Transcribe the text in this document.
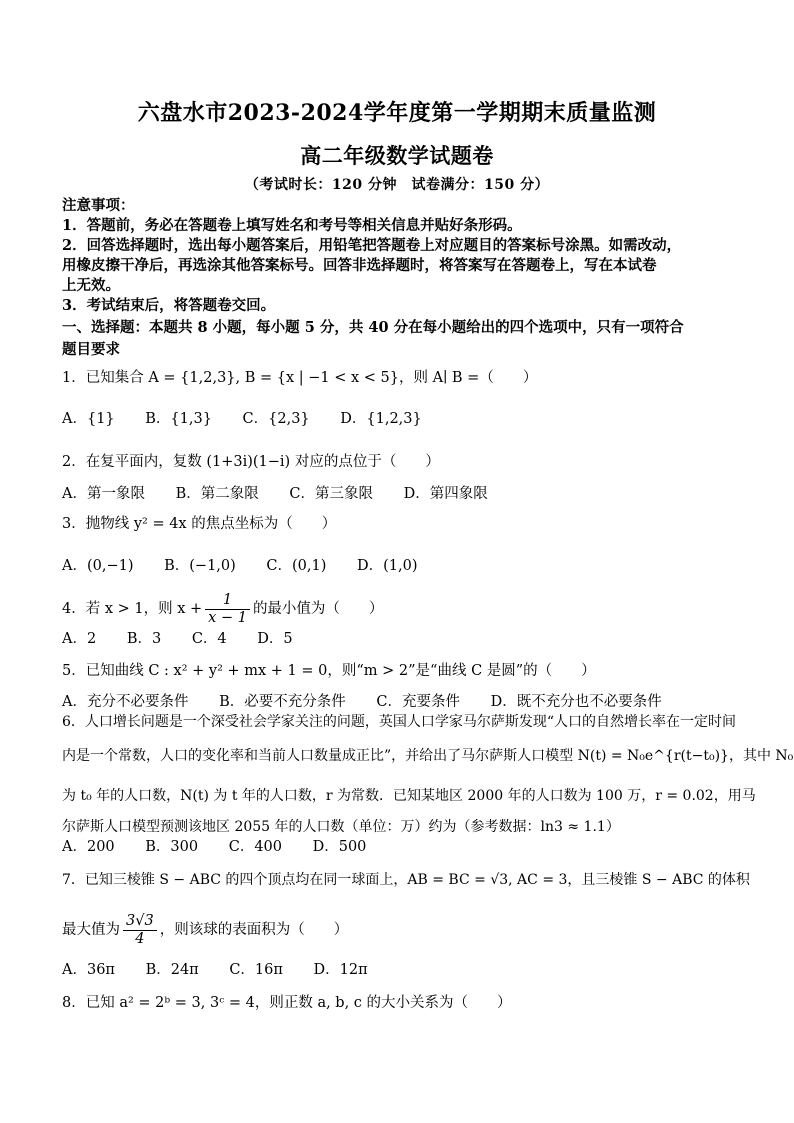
六盘水市2023-2024学年度第一学期期末质量监测
高二年级数学试题卷
（考试时长：120 分钟　试卷满分：150 分）
注意事项：
1．答题前，务必在答题卷上填写姓名和考号等相关信息并贴好条形码。
2．回答选择题时，选出每小题答案后，用铅笔把答题卷上对应题目的答案标号涂黑。如需改动，
用橡皮擦干净后，再选涂其他答案标号。回答非选择题时，将答案写在答题卷上，写在本试卷
上无效。
3．考试结束后，将答题卷交回。
一、选择题：本题共 8 小题，每小题 5 分，共 40 分在每小题给出的四个选项中，只有一项符合
题目要求
1．已知集合 A = {1,2,3}, B = {x | −1 < x < 5}，则 A∣ B =（　　）
A．{1} B．{1,3} C．{2,3} D．{1,2,3}
2．在复平面内，复数 (1+3i)(1−i) 对应的点位于（　　）
A．第一象限 B．第二象限 C．第三象限 D．第四象限
3．抛物线 y² = 4x 的焦点坐标为（　　）
A．(0,−1) B．(−1,0) C．(0,1) D．(1,0)
4．若 x > 1，则 $x + \frac{1}{x - 1}$ 的最小值为（　　）
A．2 B．3 C．4 D．5
5．已知曲线 C : x² + y² + mx + 1 = 0，则“m > 2”是“曲线 C 是圆”的（　　）
A．充分不必要条件 B．必要不充分条件 C．充要条件 D．既不充分也不必要条件
6．人口增长问题是一个深受社会学家关注的问题，英国人口学家马尔萨斯发现“人口的自然增长率在一定时间
内是一个常数，人口的变化率和当前人口数量成正比”，并给出了马尔萨斯人口模型 N(t) = N₀e^{r(t−t₀)}，其中 N₀
为 t₀ 年的人口数，N(t) 为 t 年的人口数，r 为常数．已知某地区 2000 年的人口数为 100 万，r = 0.02，用马
尔萨斯人口模型预测该地区 2055 年的人口数（单位：万）约为（参考数据：ln3 ≈ 1.1）
A．200 B．300 C．400 D．500
7．已知三棱锥 S − ABC 的四个顶点均在同一球面上，AB = BC = √3, AC = 3，且三棱锥 S − ABC 的体积
最大值为 $\frac{3√3}{4}$ ，则该球的表面积为（　　）
A．36π B．24π C．16π D．12π
8．已知 a² = 2ᵇ = 3, 3ᶜ = 4，则正数 a, b, c 的大小关系为（　　）
